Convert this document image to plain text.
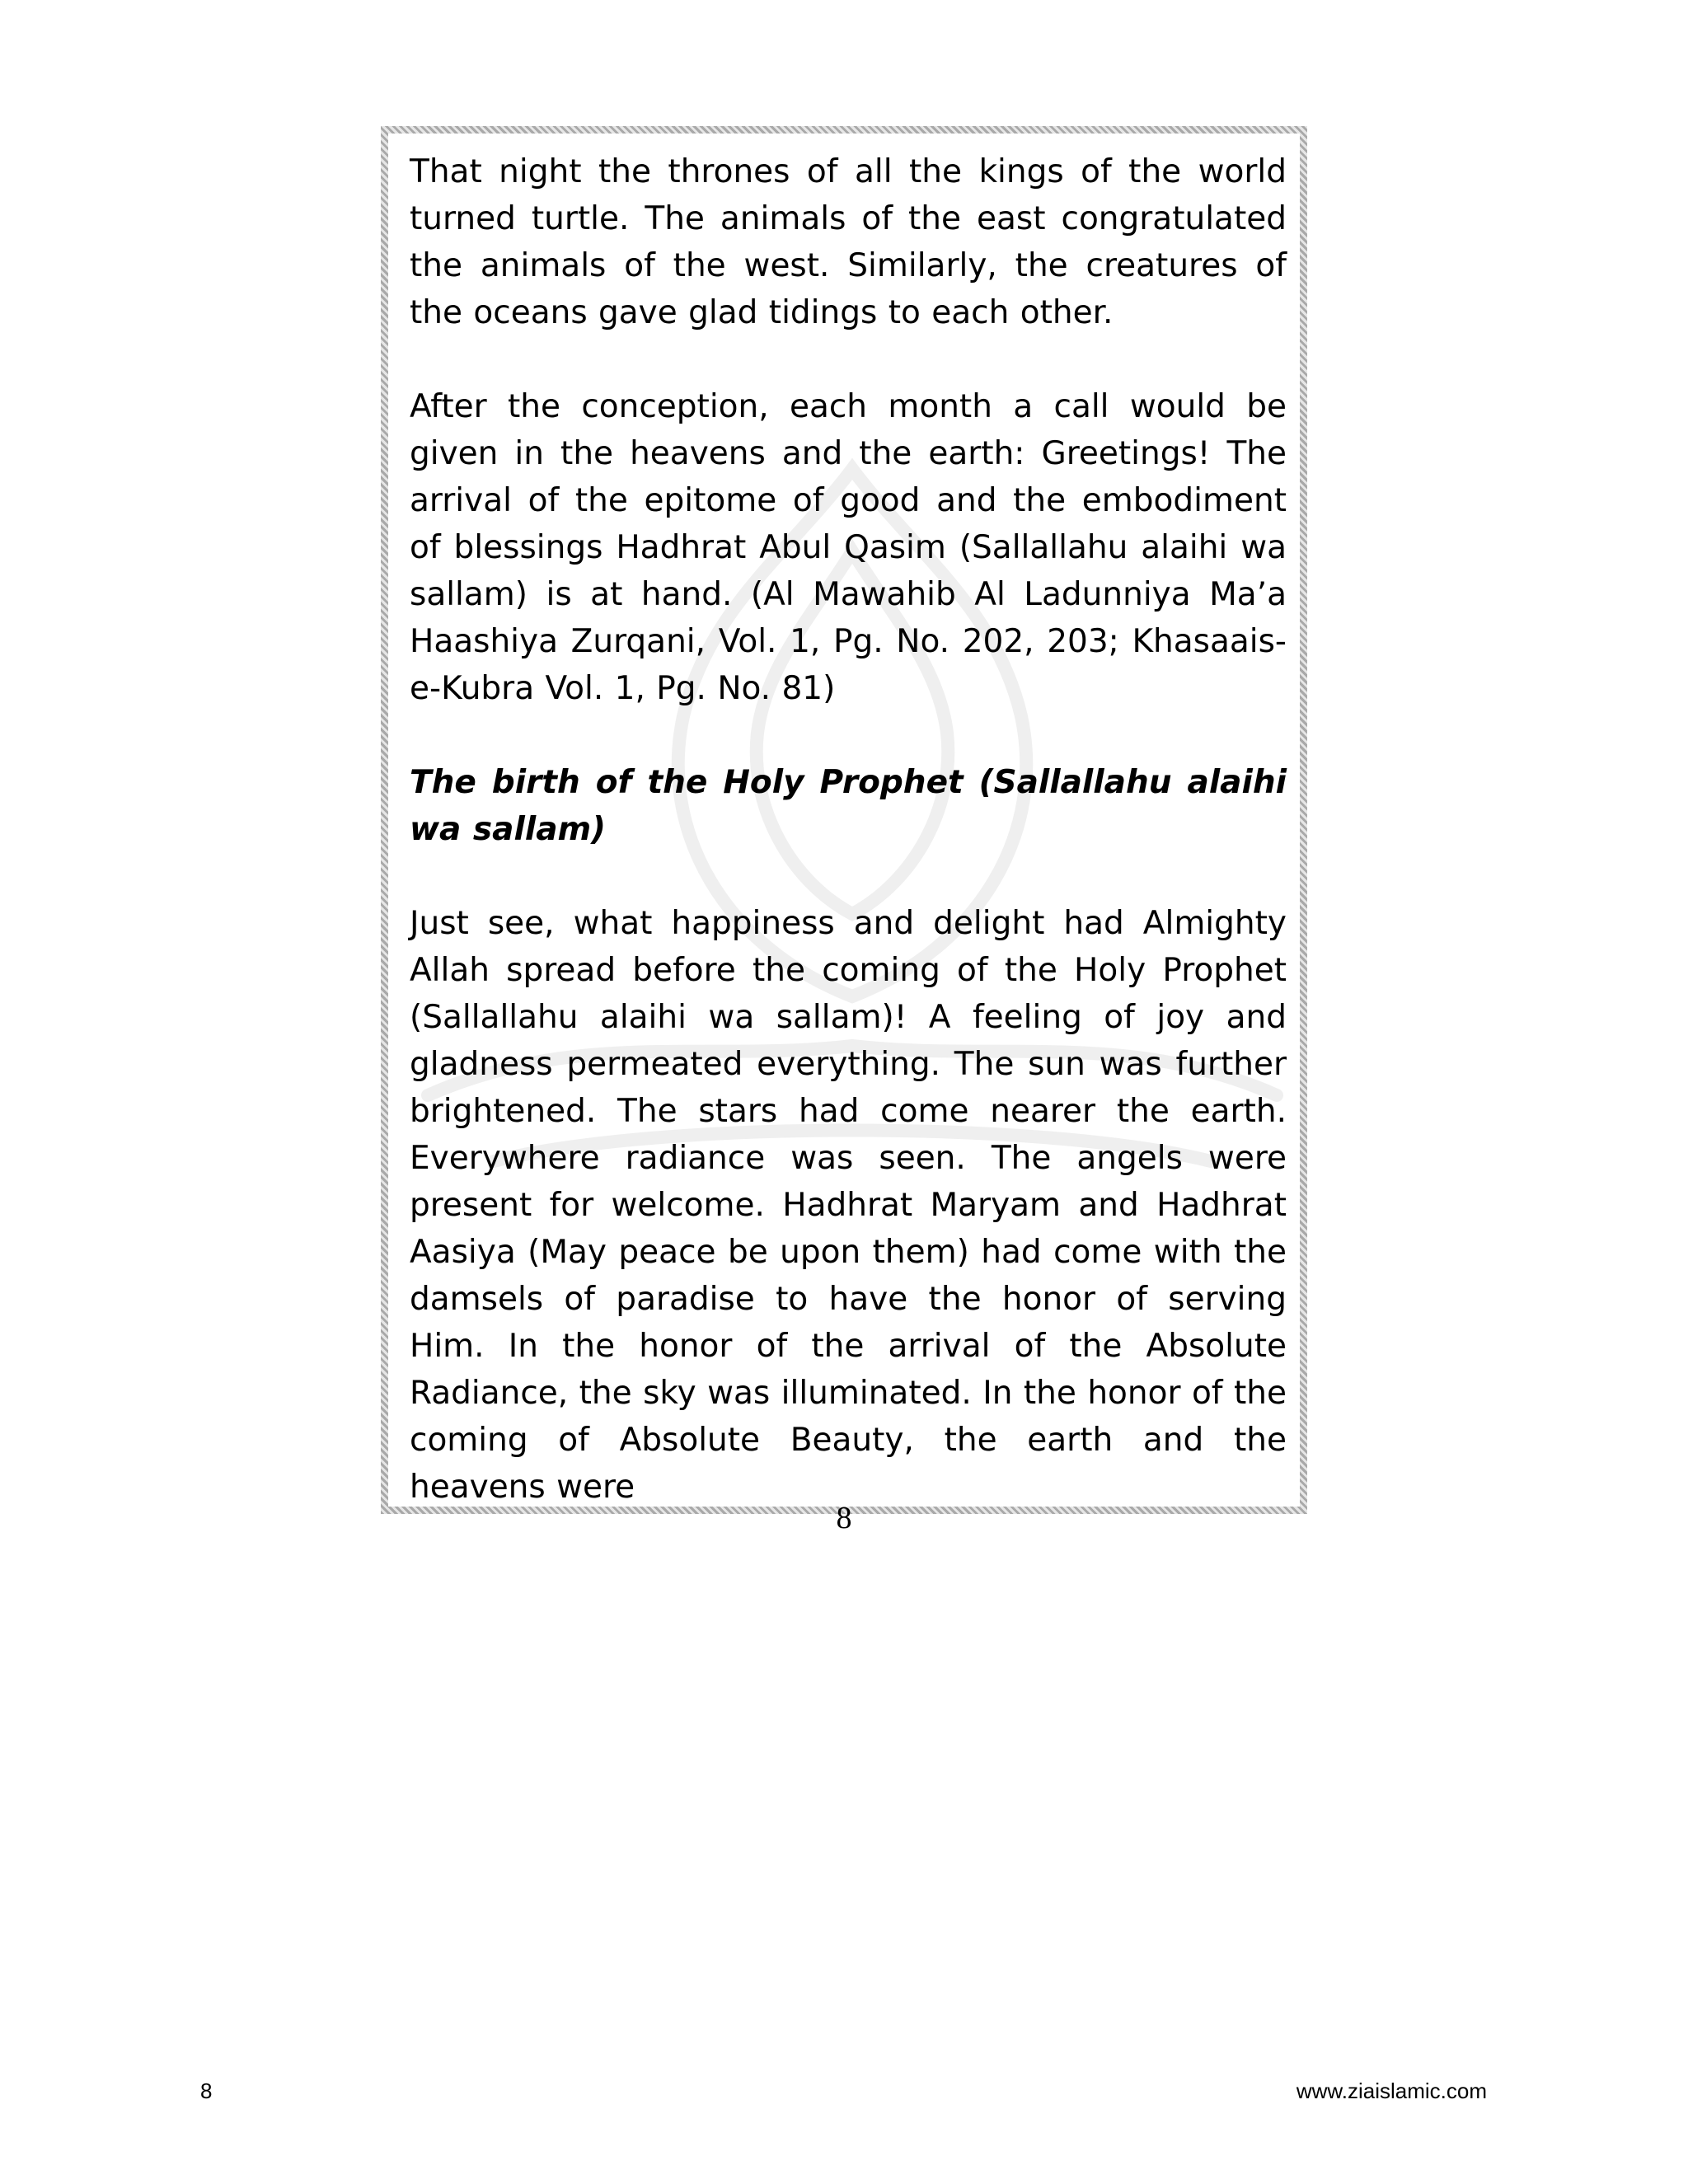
That night the thrones of all the kings of the world turned turtle. The animals of the east congratulated the animals of the west. Similarly, the creatures of the oceans gave glad tidings to each other.

After the conception, each month a call would be given in the heavens and the earth: Greetings! The arrival of the epitome of good and the embodiment of blessings Hadhrat Abul Qasim (Sallallahu alaihi wa sallam) is at hand. (Al Mawahib Al Ladunniya Ma’a Haashiya Zurqani, Vol. 1, Pg. No. 202, 203; Khasaais-e-Kubra Vol. 1, Pg. No. 81)

The birth of the Holy Prophet (Sallallahu alaihi wa sallam)

Just see, what happiness and delight had Almighty Allah spread before the coming of the Holy Prophet (Sallallahu alaihi wa sallam)! A feeling of joy and gladness permeated everything. The sun was further brightened. The stars had come nearer the earth. Everywhere radiance was seen. The angels were present for welcome. Hadhrat Maryam and Hadhrat Aasiya (May peace be upon them) had come with the damsels of paradise to have the honor of serving Him. In the honor of the arrival of the Absolute Radiance, the sky was illuminated. In the honor of the coming of Absolute Beauty, the earth and the heavens were

8
8	www.ziaislamic.com
